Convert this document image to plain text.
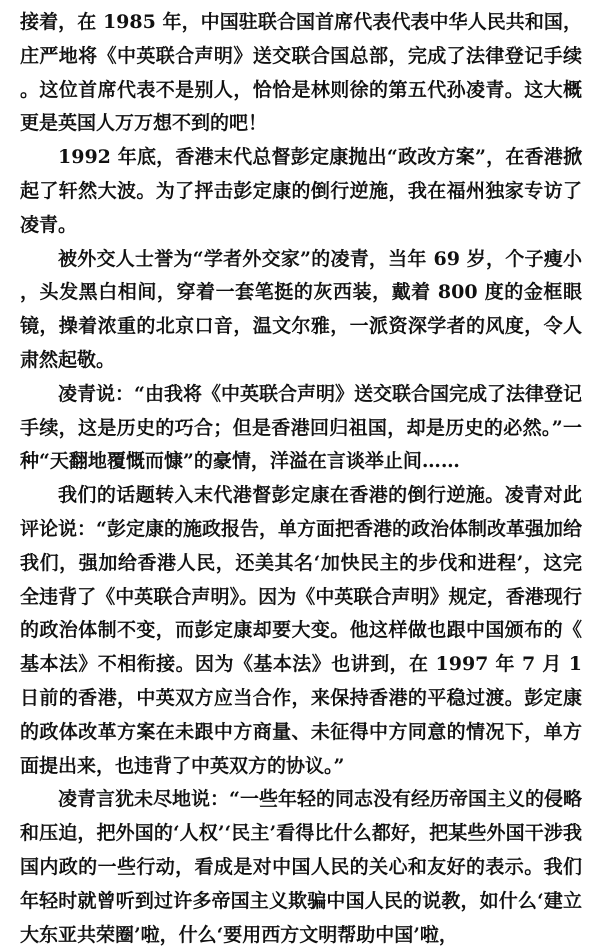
接着，在 1985 年，中国驻联合国首席代表代表中华人民共和国，庄严地将《中英联合声明》送交联合国总部，完成了法律登记手续。这位首席代表不是别人，恰恰是林则徐的第五代孙凌青。这大概更是英国人万万想不到的吧！

1992 年底，香港末代总督彭定康抛出“政改方案”，在香港掀起了轩然大波。为了抨击彭定康的倒行逆施，我在福州独家专访了凌青。

被外交人士誉为“学者外交家”的凌青，当年 69 岁，个子瘦小，头发黑白相间，穿着一套笔挺的灰西装，戴着 800 度的金框眼镜，操着浓重的北京口音，温文尔雅，一派资深学者的风度，令人肃然起敬。

凌青说：“由我将《中英联合声明》送交联合国完成了法律登记手续，这是历史的巧合；但是香港回归祖国，却是历史的必然。”一种“天翻地覆慨而慷”的豪情，洋溢在言谈举止间……

我们的话题转入末代港督彭定康在香港的倒行逆施。凌青对此评论说：“彭定康的施政报告，单方面把香港的政治体制改革强加给我们，强加给香港人民，还美其名‘加快民主的步伐和进程’，这完全违背了《中英联合声明》。因为《中英联合声明》规定，香港现行的政治体制不变，而彭定康却要大变。他这样做也跟中国颁布的《基本法》不相衔接。因为《基本法》也讲到，在 1997 年 7 月 1 日前的香港，中英双方应当合作，来保持香港的平稳过渡。彭定康的政体改革方案在未跟中方商量、未征得中方同意的情况下，单方面提出来，也违背了中英双方的协议。”

凌青言犹未尽地说：“一些年轻的同志没有经历帝国主义的侵略和压迫，把外国的‘人权’‘民主’看得比什么都好，把某些外国干涉我国内政的一些行动，看成是对中国人民的关心和友好的表示。我们年轻时就曾听到过许多帝国主义欺骗中国人民的说教，如什么‘建立大东亚共荣圈’啦，什么‘要用西方文明帮助中国’啦，
